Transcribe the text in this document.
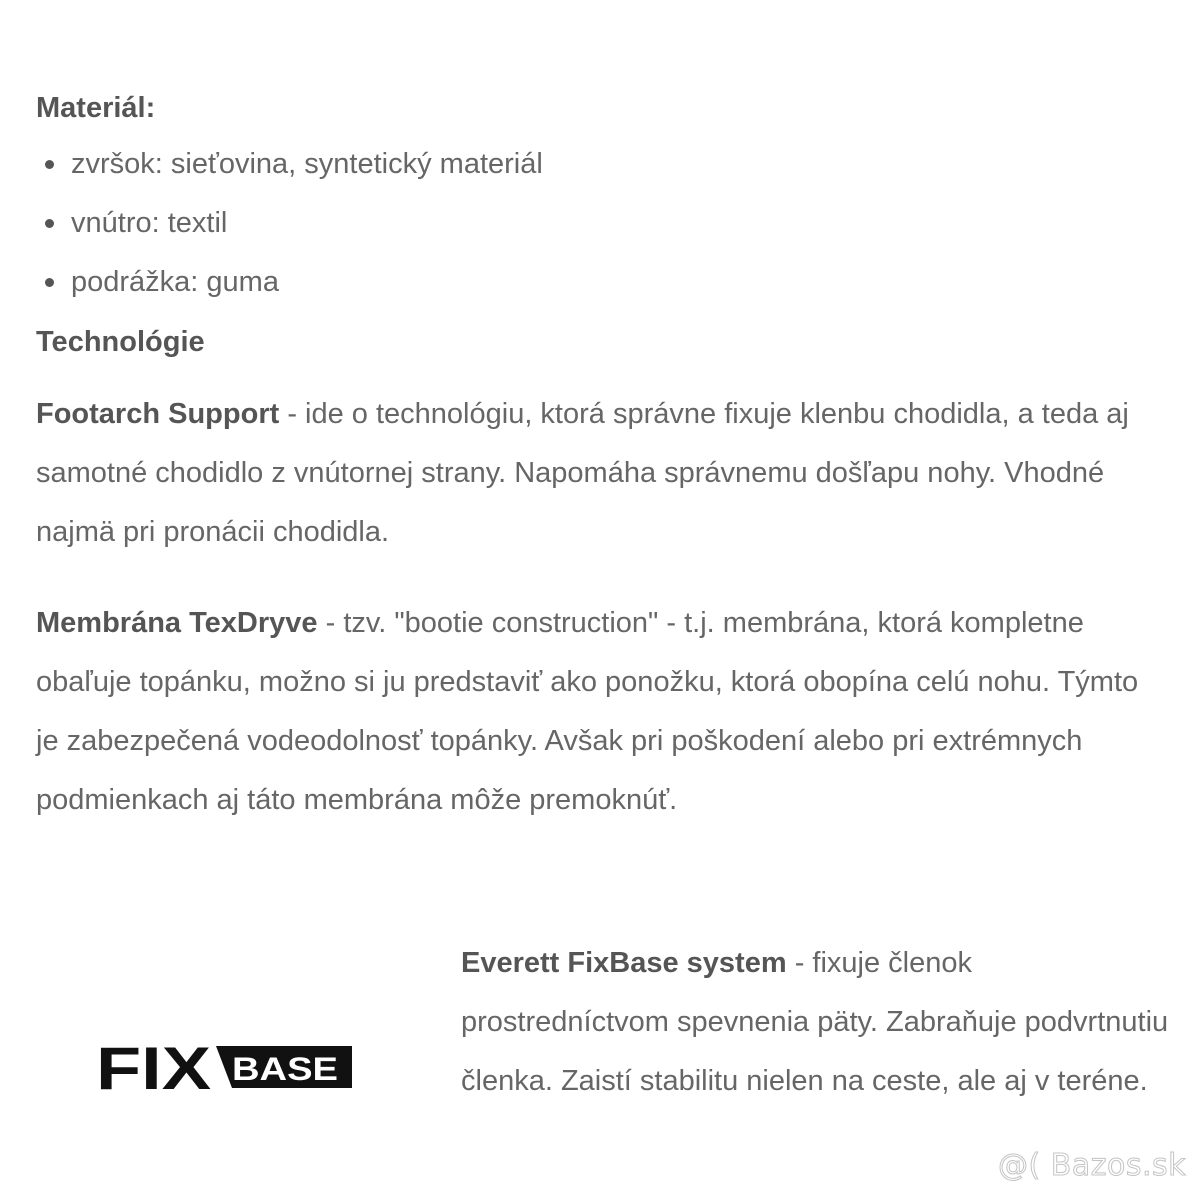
Materiál:

zvršok: sieťovina, syntetický materiál
vnútro: textil
podrážka: guma

Technológie

Footarch Support - ide o technológiu, ktorá správne fixuje klenbu chodidla, a teda aj samotné chodidlo z vnútornej strany. Napomáha správnemu došľapu nohy. Vhodné najmä pri pronácii chodidla.

Membrána TexDryve - tzv. "bootie construction" - t.j. membrána, ktorá kompletne obaľuje topánku, možno si ju predstaviť ako ponožku, ktorá obopína celú nohu. Týmto je zabezpečená vodeodolnosť topánky. Avšak pri poškodení alebo pri extrémnych podmienkach aj táto membrána môže premoknúť.

FIX BASE

Everett FixBase system - fixuje členok prostredníctvom spevnenia päty. Zabraňuje podvrtnutiu členka. Zaistí stabilitu nielen na ceste, ale aj v teréne.

@( Bazos.sk
